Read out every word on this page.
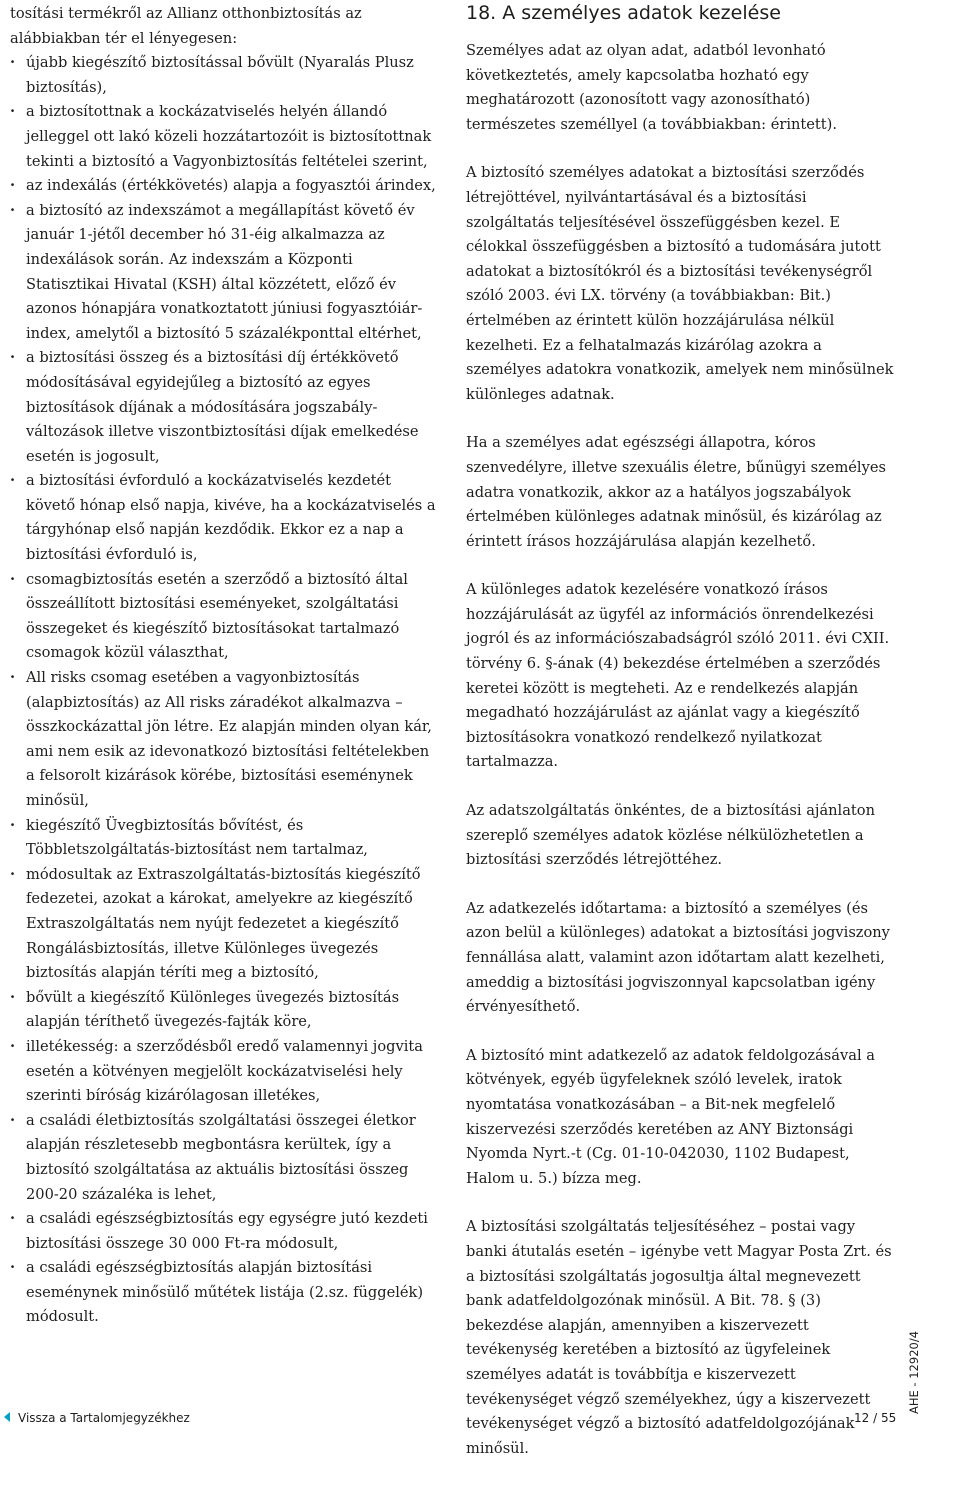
tosítási termékről az Allianz otthonbiztosítás az alábbiakban tér el lényegesen:

· újabb kiegészítő biztosítással bővült (Nyaralás Plusz biztosítás),
· a biztosítottnak a kockázatviselés helyén állandó jelleggel ott lakó közeli hozzátartozóit is biztosítottnak tekinti a biztosító a Vagyonbiztosítás feltételei szerint,
· az indexálás (értékkövetés) alapja a fogyasztói árindex,
· a biztosító az indexszámot a megállapítást követő év január 1-jétől december hó 31-éig alkalmazza az indexálások során. Az indexszám a Központi Statisztikai Hivatal (KSH) által közzétett, előző év azonos hónapjára vonatkoztatott júniusi fogyasztóiár-index, amelytől a biztosító 5 százalékponttal eltérhet,
· a biztosítási összeg és a biztosítási díj értékkövető módosításával egyidejűleg a biztosító az egyes biztosítások díjának a módosítására jogszabály-változások illetve viszontbiztosítási díjak emelkedése esetén is jogosult,
· a biztosítási évforduló a kockázatviselés kezdetét követő hónap első napja, kivéve, ha a kockázatviselés a tárgyhónap első napján kezdődik. Ekkor ez a nap a biztosítási évforduló is,
· csomagbiztosítás esetén a szerződő a biztosító által összeállított biztosítási eseményeket, szolgáltatási összegeket és kiegészítő biztosításokat tartalmazó csomagok közül választhat,
· All risks csomag esetében a vagyonbiztosítás (alapbiztosítás) az All risks záradékot alkalmazva – összkockázattal jön létre. Ez alapján minden olyan kár, ami nem esik az idevonatkozó biztosítási feltételekben a felsorolt kizárások körébe, biztosítási eseménynek minősül,
· kiegészítő Üvegbiztosítás bővítést, és Többletszolgáltatás-biztosítást nem tartalmaz,
· módosultak az Extraszolgáltatás-biztosítás kiegészítő fedezetei, azokat a károkat, amelyekre az kiegészítő Extraszolgáltatás nem nyújt fedezetet a kiegészítő Rongálásbiztosítás, illetve Különleges üvegezés biztosítás alapján téríti meg a biztosító,
· bővült a kiegészítő Különleges üvegezés biztosítás alapján téríthető üvegezés-fajták köre,
· illetékesség: a szerződésből eredő valamennyi jogvita esetén a kötvényen megjelölt kockázatviselési hely szerinti bíróság kizárólagosan illetékes,
· a családi életbiztosítás szolgáltatási összegei életkor alapján részletesebb megbontásra kerültek, így a biztosító szolgáltatása az aktuális biztosítási összeg 200-20 százaléka is lehet,
· a családi egészségbiztosítás egy egységre jutó kezdeti biztosítási összege 30 000 Ft-ra módosult,
· a családi egészségbiztosítás alapján biztosítási eseménynek minősülő műtétek listája (2.sz. függelék) módosult.
18. A személyes adatok kezelése

Személyes adat az olyan adat, adatból levonható következtetés, amely kapcsolatba hozható egy meghatározott (azonosított vagy azonosítható) természetes személlyel (a továbbiakban: érintett).

A biztosító személyes adatokat a biztosítási szerződés létrejöttével, nyilvántartásával és a biztosítási szolgáltatás teljesítésével összefüggésben kezel. E célokkal összefüggésben a biztosító a tudomására jutott adatokat a biztosítókról és a biztosítási tevékenységről szóló 2003. évi LX. törvény (a továbbiakban: Bit.) értelmében az érintett külön hozzájárulása nélkül kezelheti. Ez a felhatalmazás kizárólag azokra a személyes adatokra vonatkozik, amelyek nem minősülnek különleges adatnak.

Ha a személyes adat egészségi állapotra, kóros szenvedélyre, illetve szexuális életre, bűnügyi személyes adatra vonatkozik, akkor az a hatályos jogszabályok értelmében különleges adatnak minősül, és kizárólag az érintett írásos hozzájárulása alapján kezelhető.

A különleges adatok kezelésére vonatkozó írásos hozzájárulását az ügyfél az információs önrendelkezési jogról és az információszabadságról szóló 2011. évi CXII. törvény 6. §-ának (4) bekezdése értelmében a szerződés keretei között is megteheti. Az e rendelkezés alapján megadható hozzájárulást az ajánlat vagy a kiegészítő biztosításokra vonatkozó rendelkező nyilatkozat tartalmazza.

Az adatszolgáltatás önkéntes, de a biztosítási ajánlaton szereplő személyes adatok közlése nélkülözhetetlen a biztosítási szerződés létrejöttéhez.

Az adatkezelés időtartama: a biztosító a személyes (és azon belül a különleges) adatokat a biztosítási jogviszony fennállása alatt, valamint azon időtartam alatt kezelheti, ameddig a biztosítási jogviszonnyal kapcsolatban igény érvényesíthető.

A biztosító mint adatkezelő az adatok feldolgozásával a kötvények, egyéb ügyfeleknek szóló levelek, iratok nyomtatása vonatkozásában – a Bit-nek megfelelő kiszervezési szerződés keretében az ANY Biztonsági Nyomda Nyrt.-t (Cg. 01-10-042030, 1102 Budapest, Halom u. 5.) bízza meg.

A biztosítási szolgáltatás teljesítéséhez – postai vagy banki átutalás esetén – igénybe vett Magyar Posta Zrt. és a biztosítási szolgáltatás jogosultja által megnevezett bank adatfeldolgozónak minősül. A Bit. 78. § (3) bekezdése alapján, amennyiben a kiszervezett tevékenység keretében a biztosító az ügyfeleinek személyes adatát is továbbítja e kiszervezett tevékenységet végző személyekhez, úgy a kiszervezett tevékenységet végző a biztosító adatfeldolgozójának minősül.

Vissza a Tartalomjegyzékhez	12 / 55
AHE - 12920/4
